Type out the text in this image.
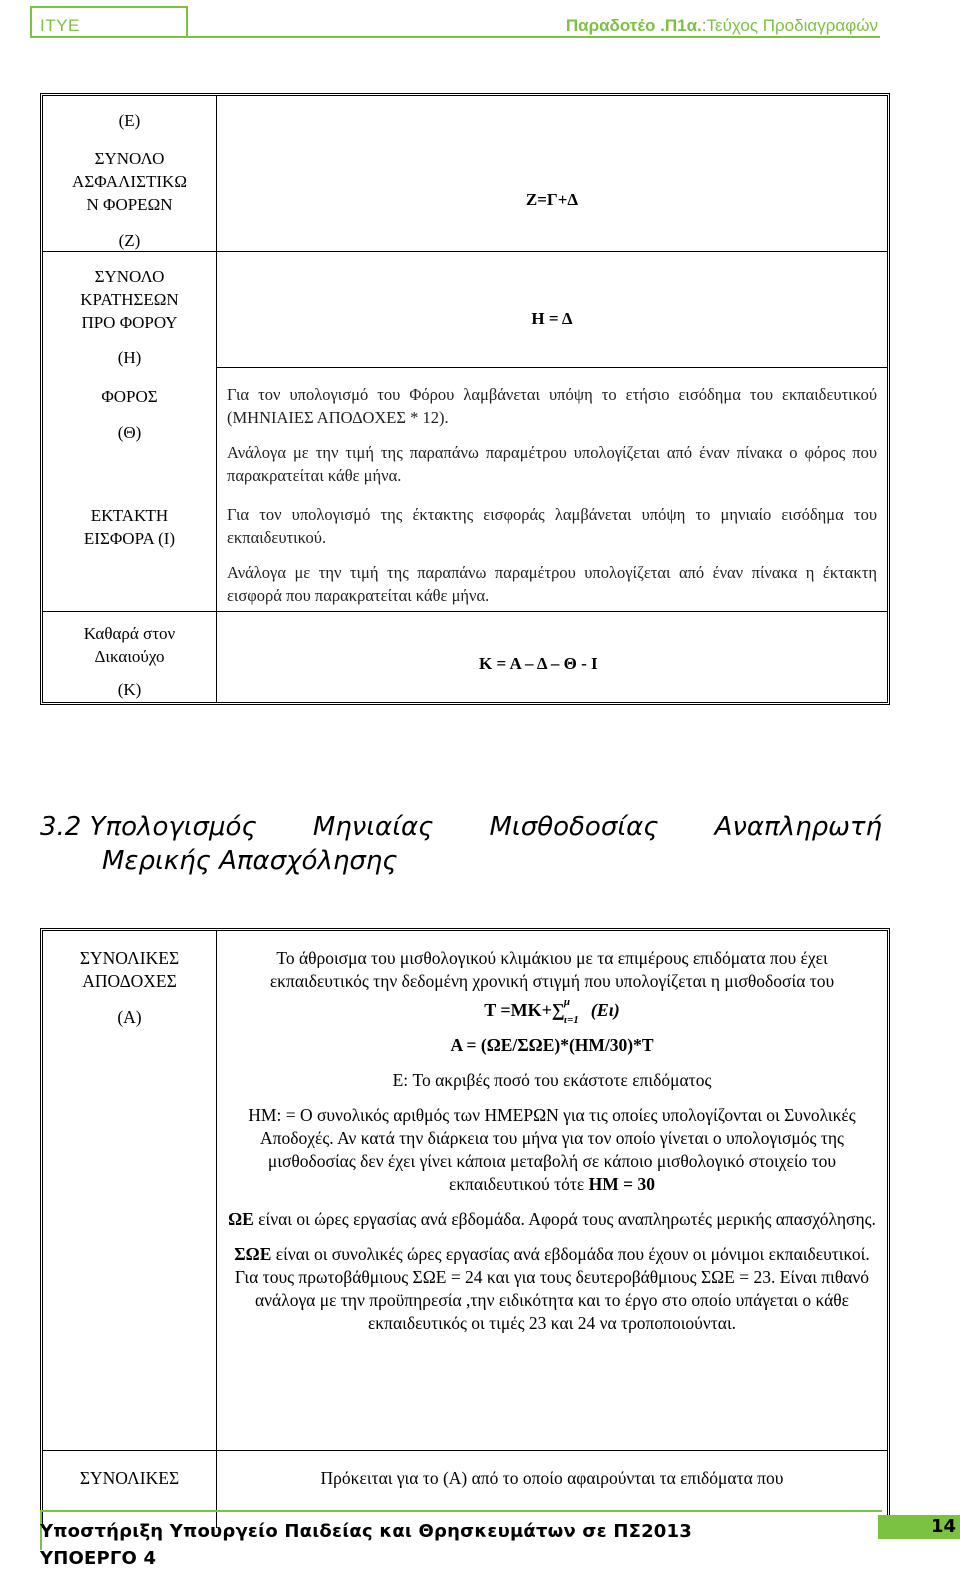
ΙΤΥΕ	Παραδοτέο .Π1α.:Τεύχος Προδιαγραφών

(Ε)

ΣΥΝΟΛΟ

ΑΣΦΑΛΙΣΤΙΚΩ

Ν ΦΟΡΕΩΝ

(Ζ)

Ζ=Γ+Δ

ΣΥΝΟΛΟ

ΚΡΑΤΗΣΕΩΝ

ΠΡΟ ΦΟΡΟΥ

(Η)

Η = Δ

ΦΟΡΟΣ

(Θ)

Για τον υπολογισμό του Φόρου λαμβάνεται υπόψη το ετήσιο εισόδημα του εκπαιδευτικού (ΜΗΝΙΑΙΕΣ ΑΠΟΔΟΧΕΣ * 12).

Ανάλογα με την τιμή της παραπάνω παραμέτρου υπολογίζεται από έναν πίνακα ο φόρος που παρακρατείται κάθε μήνα.

ΕΚΤΑΚΤΗ

ΕΙΣΦΟΡΑ (Ι)

Για τον υπολογισμό της έκτακτης εισφοράς λαμβάνεται υπόψη το μηνιαίο εισόδημα του εκπαιδευτικού.

Ανάλογα με την τιμή της παραπάνω παραμέτρου υπολογίζεται από έναν πίνακα η έκτακτη εισφορά που παρακρατείται κάθε μήνα.

Καθαρά στον

Δικαιούχο

(Κ)

Κ = Α – Δ – Θ - Ι
3.2 Υπολογισμός Μηνιαίας Μισθοδοσίας Αναπληρωτή
Μερικής Απασχόλησης
ΣΥΝΟΛΙΚΕΣ
ΑΠΟΔΟΧΕΣ
(Α)
Το άθροισμα του μισθολογικού κλιμάκιου με τα επιμέρους επιδόματα που έχει εκπαιδευτικός την δεδομένη χρονική στιγμή που υπολογίζεται η μισθοδοσία του
T =MK+∑ μ
ι=1 (Eι)
Α = (ΩΕ/ΣΩΕ)*(ΗΜ/30)*Τ
E: Το ακριβές ποσό του εκάστοτε επιδόματος
ΗΜ: = Ο συνολικός αριθμός των ΗΜΕΡΩΝ για τις οποίες υπολογίζονται οι Συνολικές Αποδοχές. Αν κατά την διάρκεια του μήνα για τον οποίο γίνεται ο υπολογισμός της μισθοδοσίας δεν έχει γίνει κάποια μεταβολή σε κάποιο μισθολογικό στοιχείο του εκπαιδευτικού τότε ΗΜ = 30
ΩΕ είναι οι ώρες εργασίας ανά εβδομάδα. Αφορά τους αναπληρωτές μερικής απασχόλησης.
ΣΩΕ είναι οι συνολικές ώρες εργασίας ανά εβδομάδα που έχουν οι μόνιμοι εκπαιδευτικοί. Για τους πρωτοβάθμιους ΣΩΕ = 24 και για τους δευτεροβάθμιους ΣΩΕ = 23. Είναι πιθανό ανάλογα με την προϋπηρεσία ,την ειδικότητα και το έργο στο οποίο υπάγεται ο κάθε εκπαιδευτικός οι τιμές 23 και 24 να τροποποιούνται.
ΣΥΝΟΛΙΚΕΣ	Πρόκειται για το (Α) από το οποίο αφαιρούνται τα επιδόματα που
Υποστήριξη Υπουργείο Παιδείας και Θρησκευμάτων σε ΠΣ2013
ΥΠΟΕΡΓΟ 4
14
